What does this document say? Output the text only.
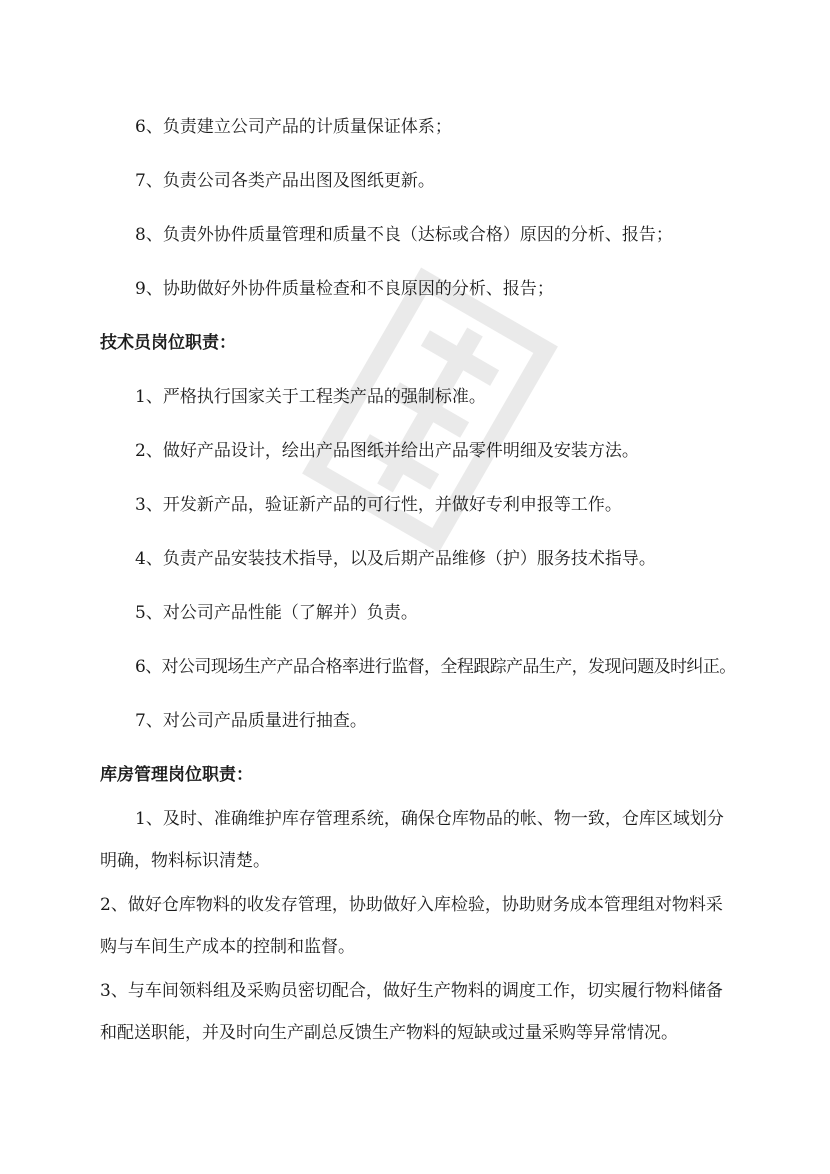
6、负责建立公司产品的计质量保证体系；
7、负责公司各类产品出图及图纸更新。
8、负责外协件质量管理和质量不良（达标或合格）原因的分析、报告；
9、协助做好外协件质量检查和不良原因的分析、报告；
技术员岗位职责：
1、严格执行国家关于工程类产品的强制标准。
2、做好产品设计，绘出产品图纸并给出产品零件明细及安装方法。
3、开发新产品，验证新产品的可行性，并做好专利申报等工作。
4、负责产品安装技术指导，以及后期产品维修（护）服务技术指导。
5、对公司产品性能（了解并）负责。
6、对公司现场生产产品合格率进行监督，全程跟踪产品生产，发现问题及时纠正。
7、对公司产品质量进行抽查。
库房管理岗位职责：
1、及时、准确维护库存管理系统，确保仓库物品的帐、物一致，仓库区域划分明确，物料标识清楚。
2、做好仓库物料的收发存管理，协助做好入库检验，协助财务成本管理组对物料采购与车间生产成本的控制和监督。
3、与车间领料组及采购员密切配合，做好生产物料的调度工作，切实履行物料储备和配送职能，并及时向生产副总反馈生产物料的短缺或过量采购等异常情况。
